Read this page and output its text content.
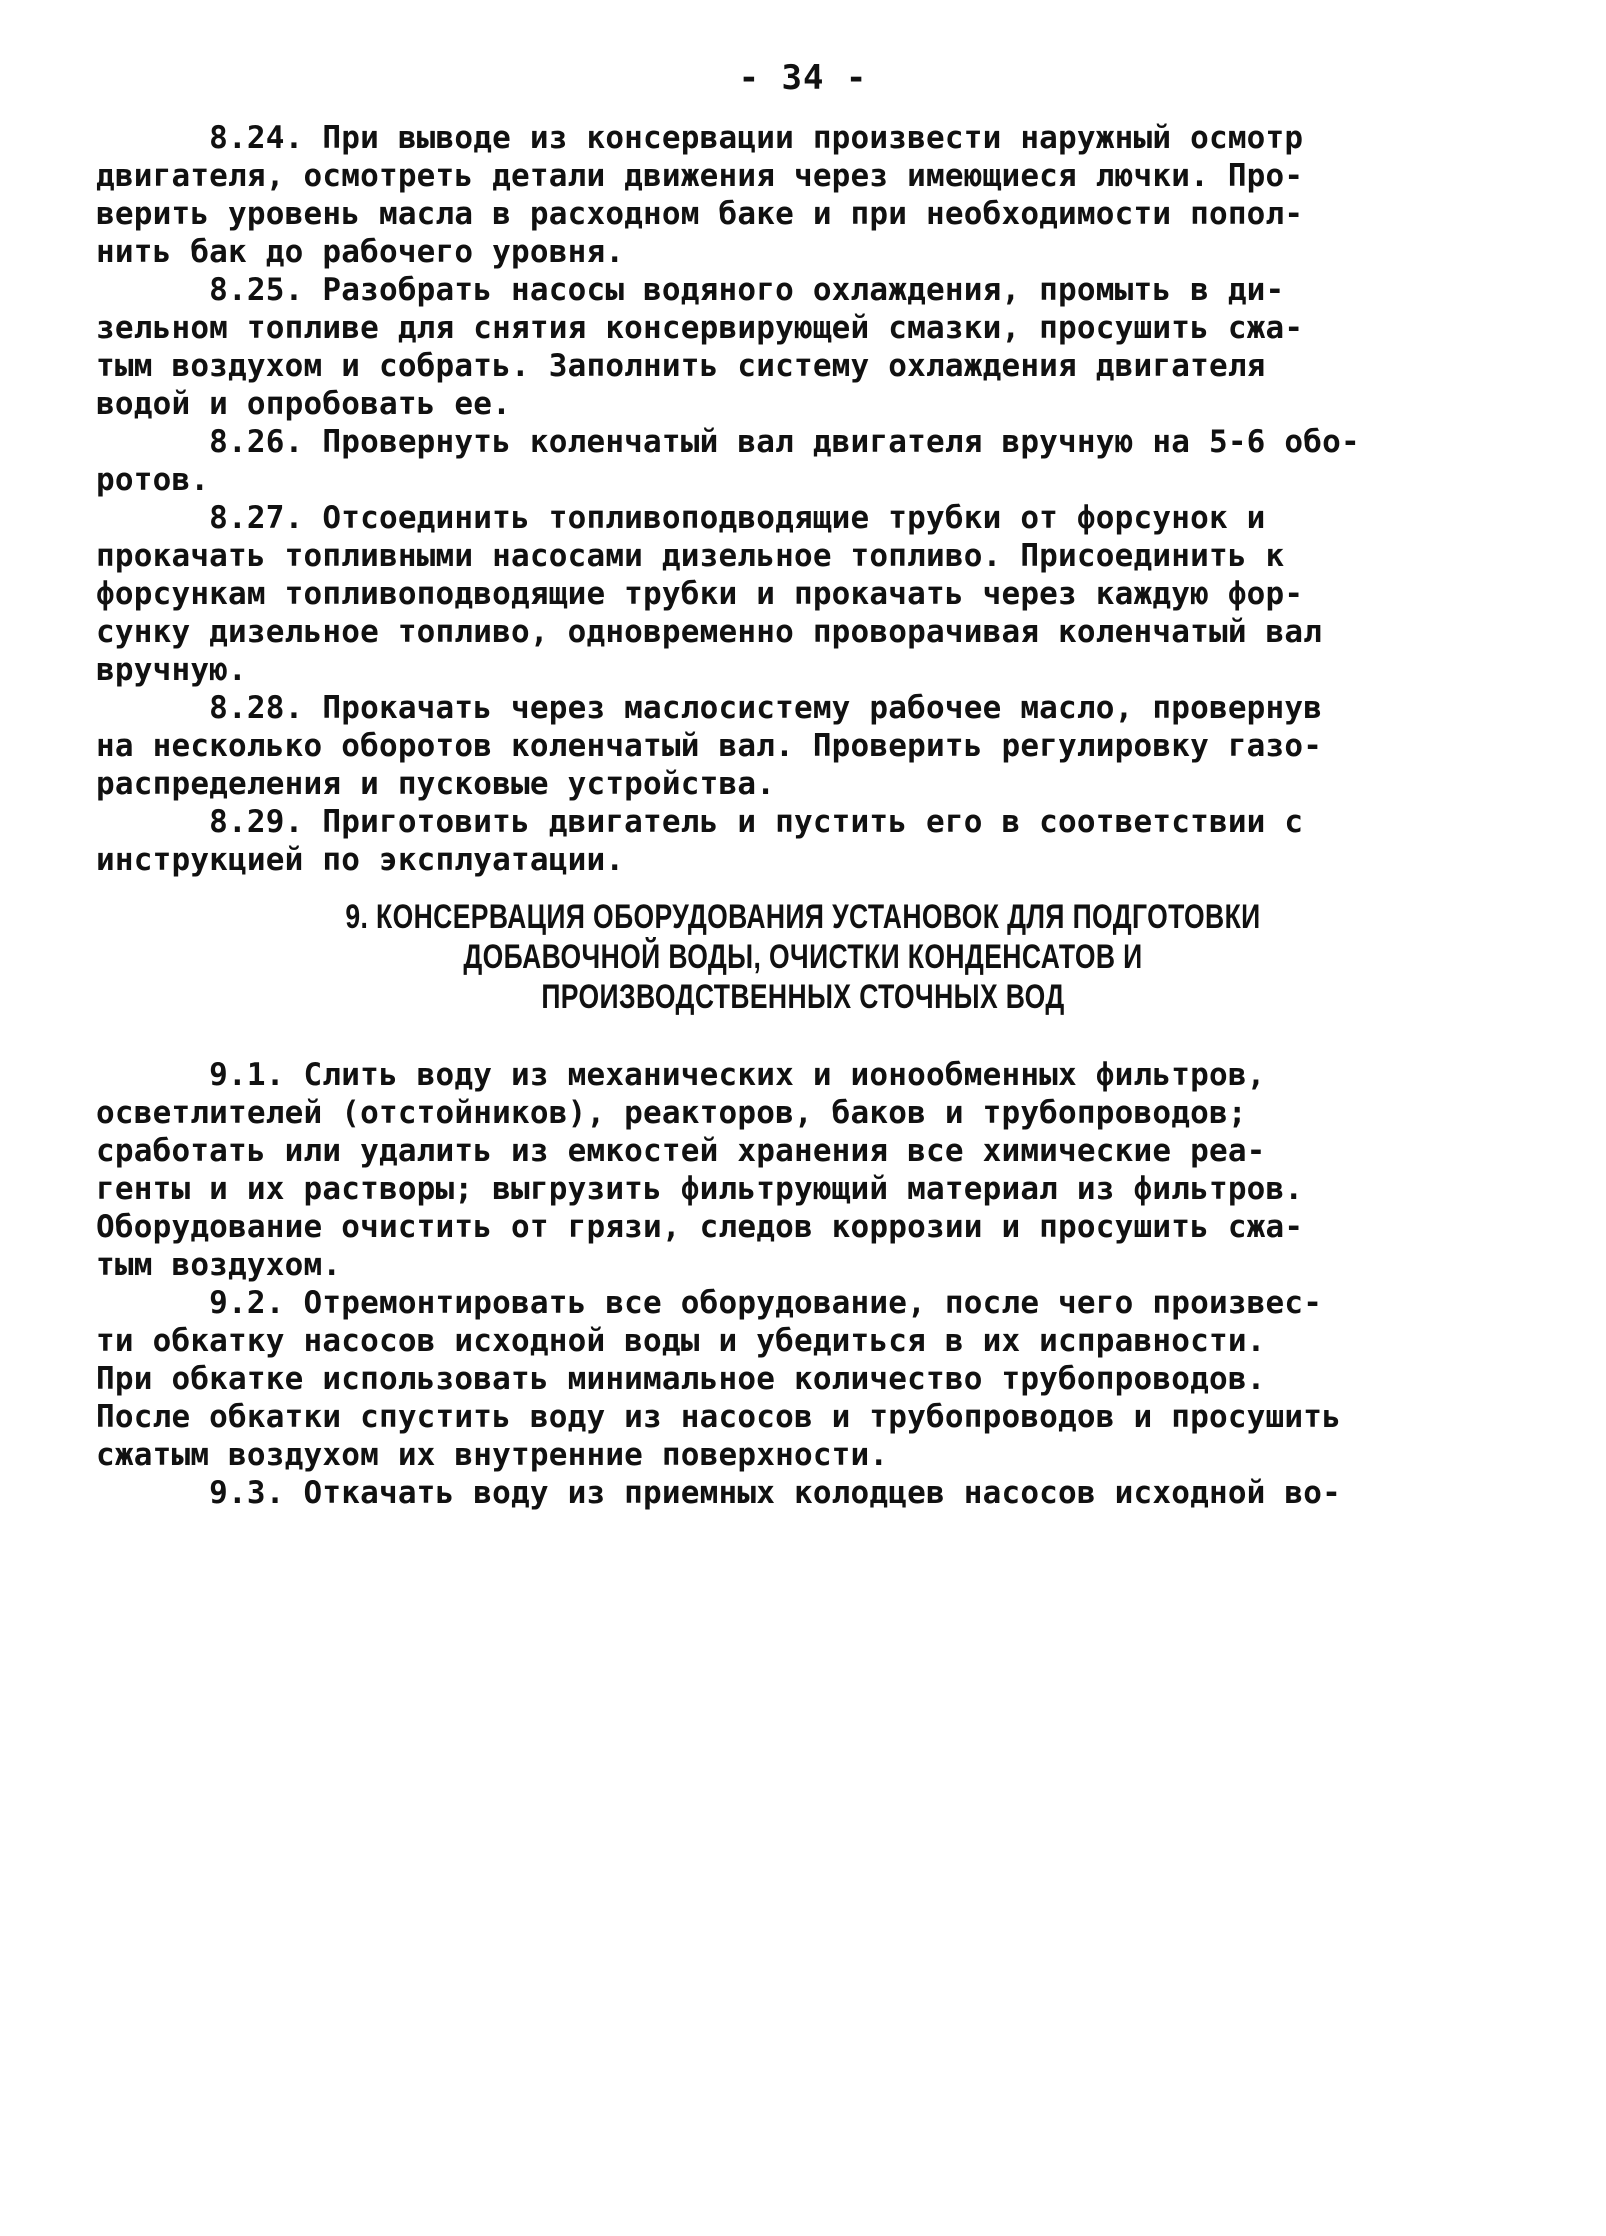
- 34 -
8.24. При выводе из консервации произвести наружный осмотр
двигателя, осмотреть детали движения через имеющиеся лючки. Про-
верить уровень масла в расходном баке и при необходимости попол-
нить бак до рабочего уровня.
8.25. Разобрать насосы водяного охлаждения, промыть в ди-
зельном топливе для снятия консервирующей смазки, просушить сжа-
тым воздухом и собрать. Заполнить систему охлаждения двигателя
водой и опробовать ее.
8.26. Провернуть коленчатый вал двигателя вручную на 5-6 обо-
ротов.
8.27. Отсоединить топливоподводящие трубки от форсунок и
прокачать топливными насосами дизельное топливо. Присоединить к
форсункам топливоподводящие трубки и прокачать через каждую фор-
сунку дизельное топливо, одновременно проворачивая коленчатый вал
вручную.
8.28. Прокачать через маслосистему рабочее масло, провернув
на несколько оборотов коленчатый вал. Проверить регулировку газо-
распределения и пусковые устройства.
8.29. Приготовить двигатель и пустить его в соответствии с
инструкцией по эксплуатации.
9. КОНСЕРВАЦИЯ ОБОРУДОВАНИЯ УСТАНОВОК ДЛЯ ПОДГОТОВКИ
ДОБАВОЧНОЙ ВОДЫ, ОЧИСТКИ КОНДЕНСАТОВ И
ПРОИЗВОДСТВЕННЫХ СТОЧНЫХ ВОД
9.1. Слить воду из механических и ионообменных фильтров,
осветлителей (отстойников), реакторов, баков и трубопроводов;
сработать или удалить из емкостей хранения все химические реа-
генты и их растворы; выгрузить фильтрующий материал из фильтров.
Оборудование очистить от грязи, следов коррозии и просушить сжа-
тым воздухом.
9.2. Отремонтировать все оборудование, после чего произвес-
ти обкатку насосов исходной воды и убедиться в их исправности.
При обкатке использовать минимальное количество трубопроводов.
После обкатки спустить воду из насосов и трубопроводов и просушить
сжатым воздухом их внутренние поверхности.
9.3. Откачать воду из приемных колодцев насосов исходной во-
